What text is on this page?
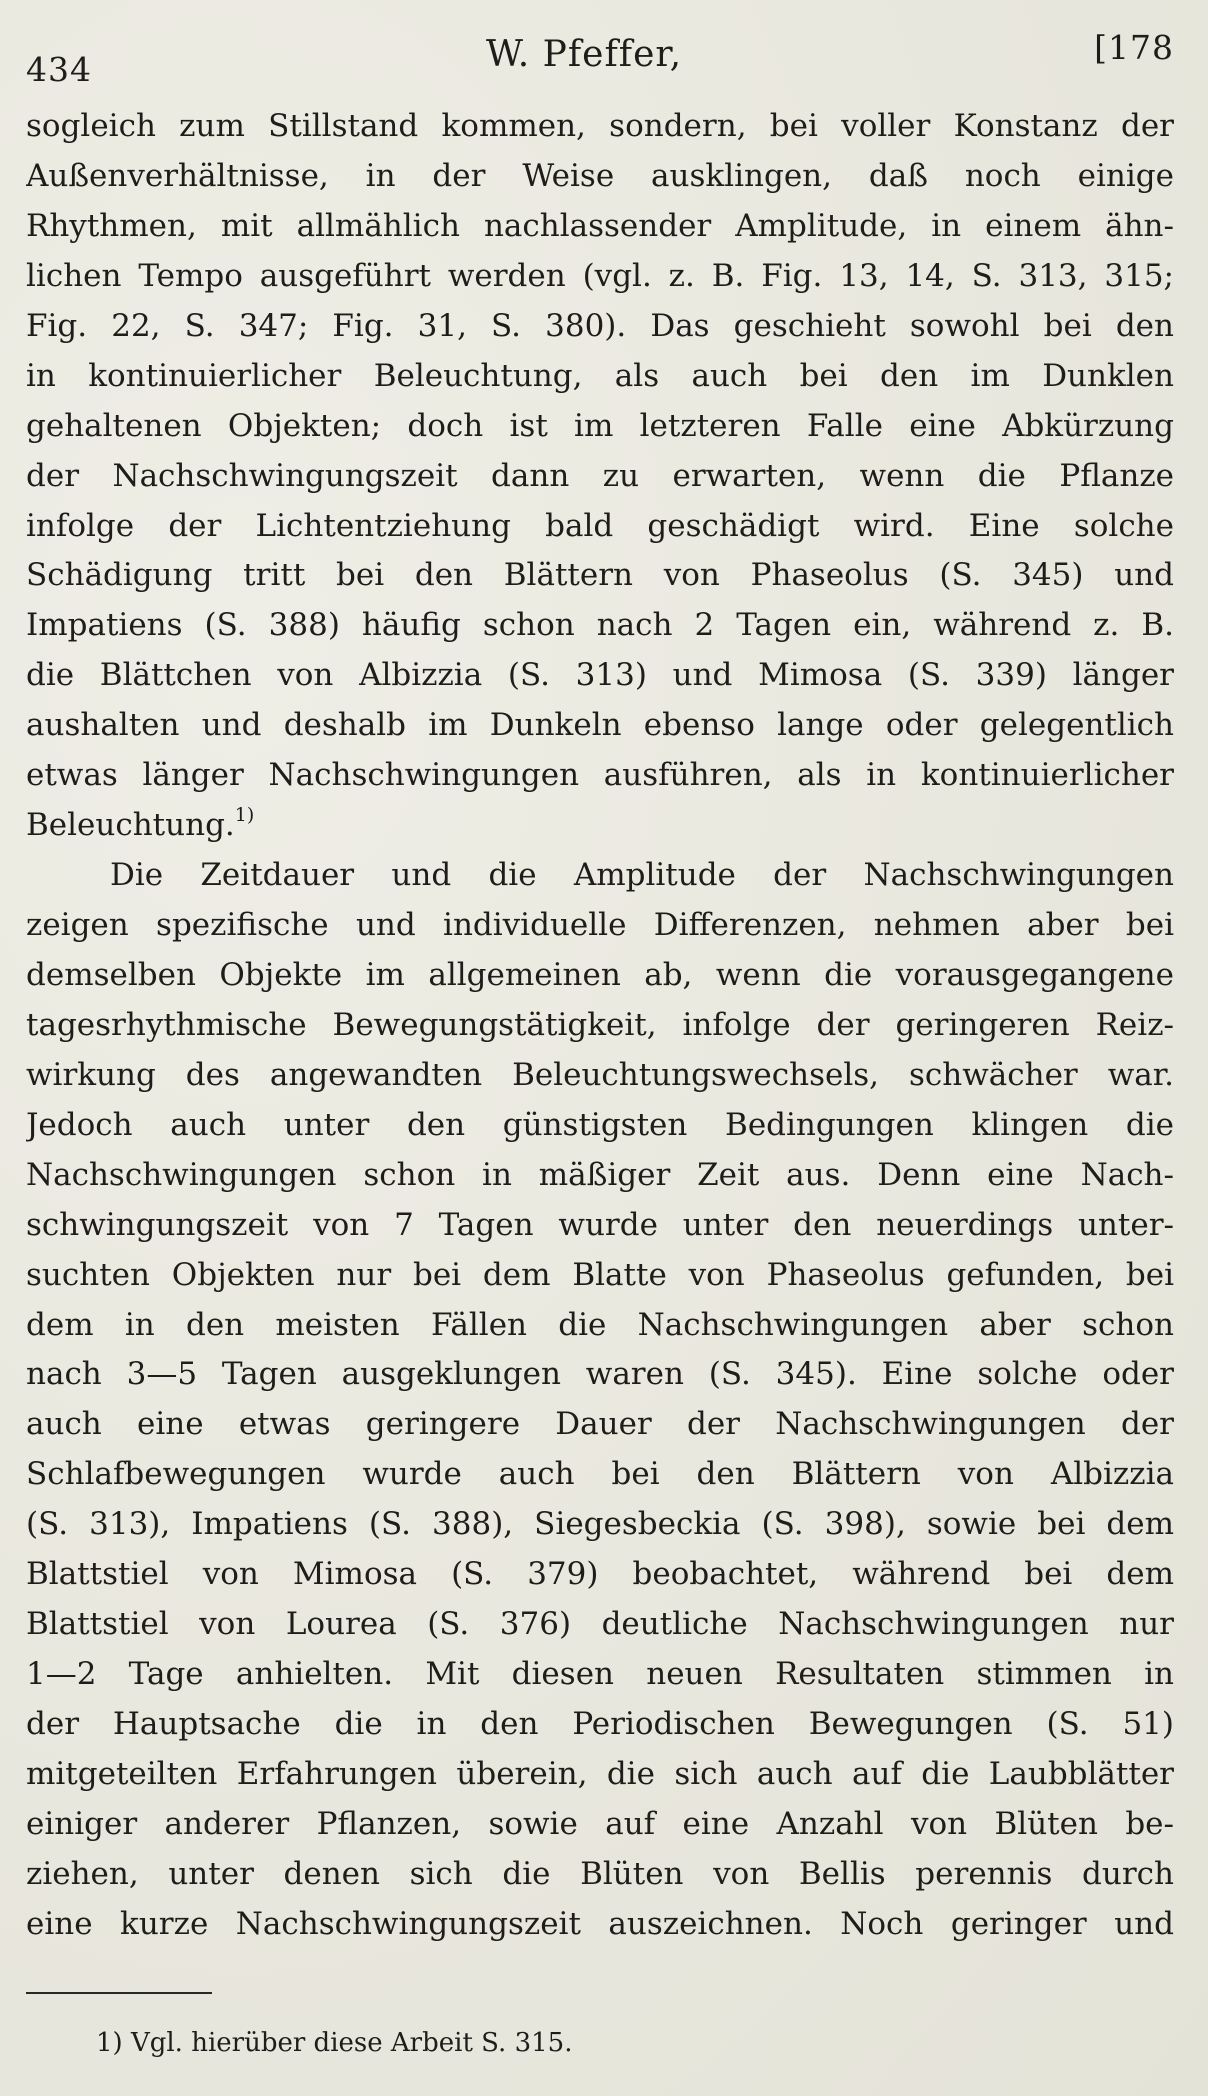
434	W. Pfeffer,	[178
sogleich zum Stillstand kommen, sondern, bei voller Konstanz der
Außenverhältnisse, in der Weise ausklingen, daß noch einige
Rhythmen, mit allmählich nachlassender Amplitude, in einem ähn-
lichen Tempo ausgeführt werden (vgl. z. B. Fig. 13, 14, S. 313, 315;
Fig. 22, S. 347; Fig. 31, S. 380). Das geschieht sowohl bei den
in kontinuierlicher Beleuchtung, als auch bei den im Dunklen
gehaltenen Objekten; doch ist im letzteren Falle eine Abkürzung
der Nachschwingungszeit dann zu erwarten, wenn die Pflanze
infolge der Lichtentziehung bald geschädigt wird. Eine solche
Schädigung tritt bei den Blättern von Phaseolus (S. 345) und
Impatiens (S. 388) häufig schon nach 2 Tagen ein, während z. B.
die Blättchen von Albizzia (S. 313) und Mimosa (S. 339) länger
aushalten und deshalb im Dunkeln ebenso lange oder gelegentlich
etwas länger Nachschwingungen ausführen, als in kontinuierlicher
Beleuchtung.$^{1)}$
Die Zeitdauer und die Amplitude der Nachschwingungen
zeigen spezifische und individuelle Differenzen, nehmen aber bei
demselben Objekte im allgemeinen ab, wenn die vorausgegangene
tagesrhythmische Bewegungstätigkeit, infolge der geringeren Reiz-
wirkung des angewandten Beleuchtungswechsels, schwächer war.
Jedoch auch unter den günstigsten Bedingungen klingen die
Nachschwingungen schon in mäßiger Zeit aus. Denn eine Nach-
schwingungszeit von 7 Tagen wurde unter den neuerdings unter-
suchten Objekten nur bei dem Blatte von Phaseolus gefunden, bei
dem in den meisten Fällen die Nachschwingungen aber schon
nach 3—5 Tagen ausgeklungen waren (S. 345). Eine solche oder
auch eine etwas geringere Dauer der Nachschwingungen der
Schlafbewegungen wurde auch bei den Blättern von Albizzia
(S. 313), Impatiens (S. 388), Siegesbeckia (S. 398), sowie bei dem
Blattstiel von Mimosa (S. 379) beobachtet, während bei dem
Blattstiel von Lourea (S. 376) deutliche Nachschwingungen nur
1—2 Tage anhielten. Mit diesen neuen Resultaten stimmen in
der Hauptsache die in den Periodischen Bewegungen (S. 51)
mitgeteilten Erfahrungen überein, die sich auch auf die Laubblätter
einiger anderer Pflanzen, sowie auf eine Anzahl von Blüten be-
ziehen, unter denen sich die Blüten von Bellis perennis durch
eine kurze Nachschwingungszeit auszeichnen. Noch geringer und
1) Vgl. hierüber diese Arbeit S. 315.
